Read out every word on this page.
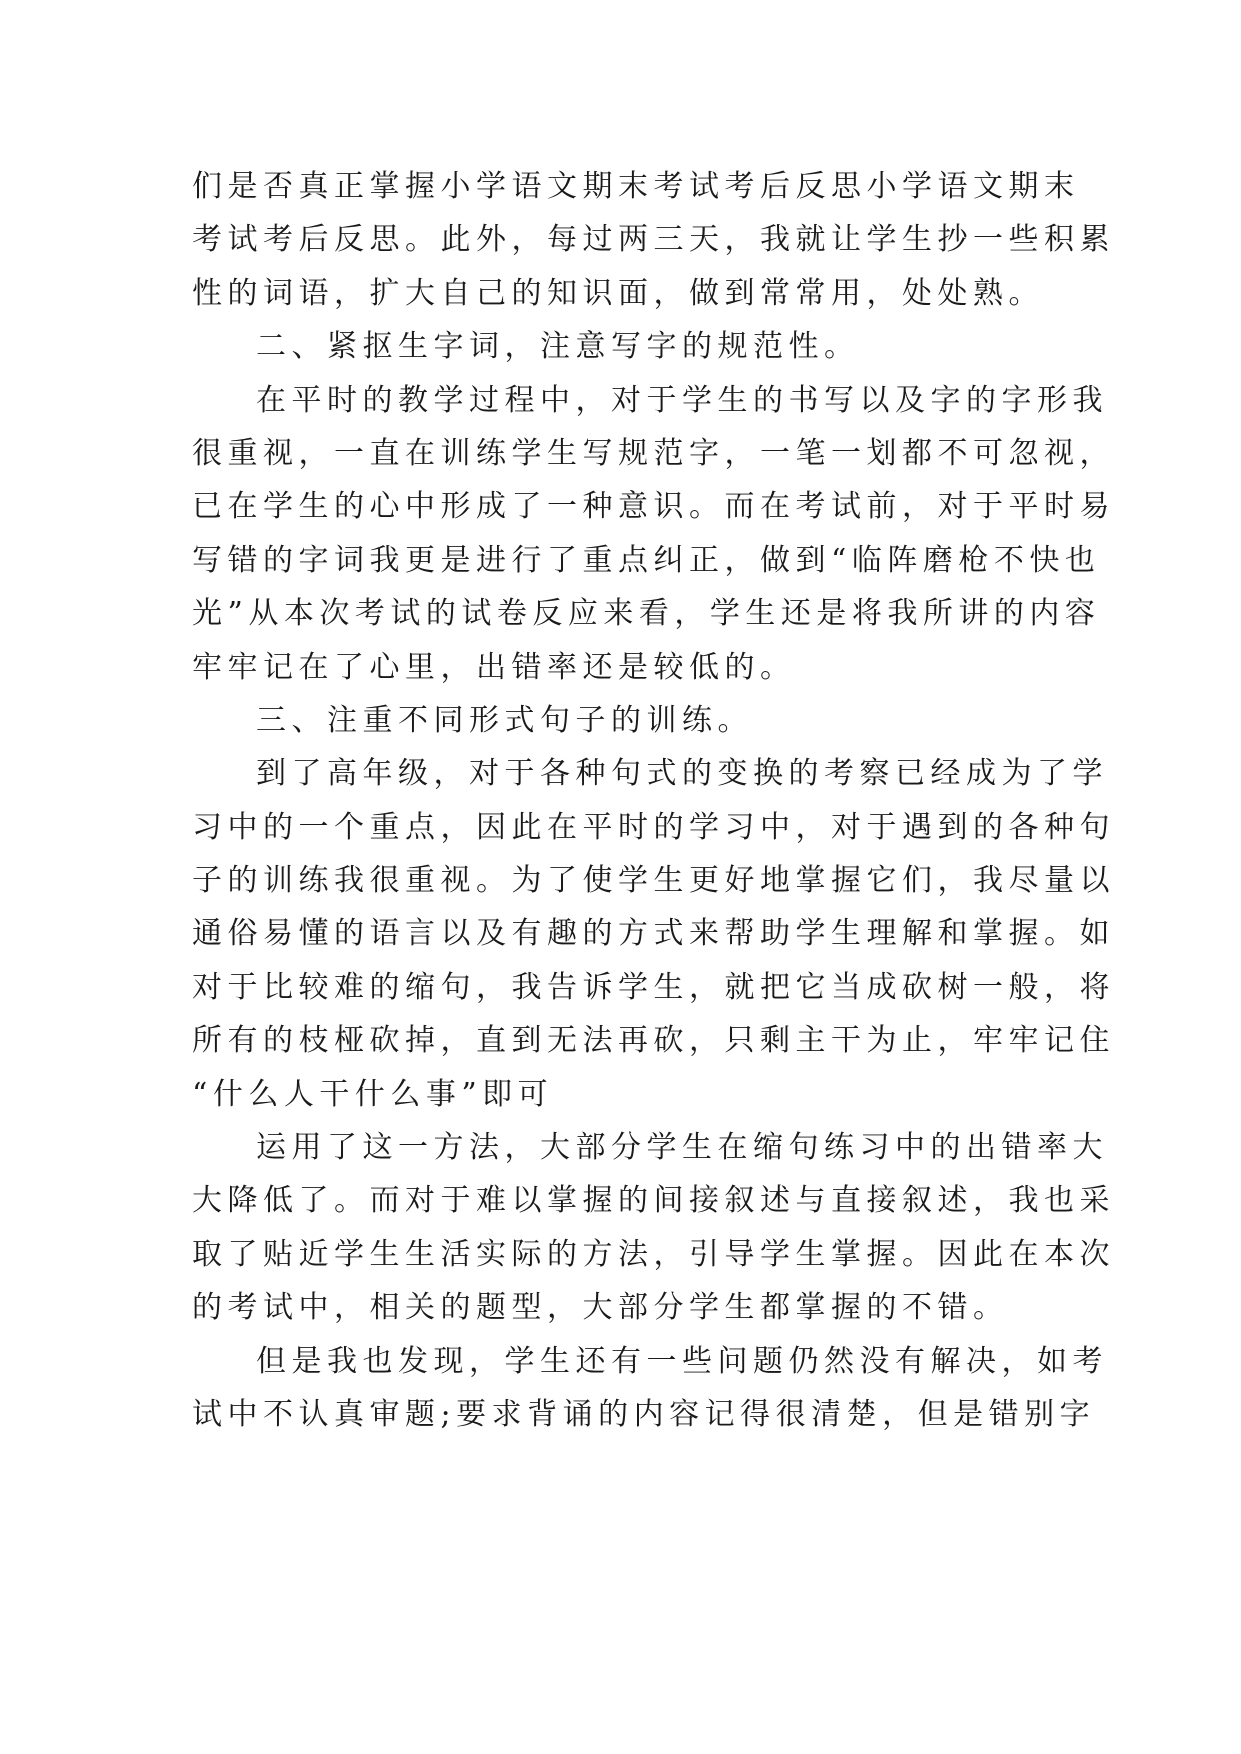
们是否真正掌握小学语文期末考试考后反思小学语文期末
考试考后反思。此外，每过两三天，我就让学生抄一些积累
性的词语，扩大自己的知识面，做到常常用，处处熟。

二、紧抠生字词，注意写字的规范性。

在平时的教学过程中，对于学生的书写以及字的字形我
很重视，一直在训练学生写规范字，一笔一划都不可忽视，
已在学生的心中形成了一种意识。而在考试前，对于平时易
写错的字词我更是进行了重点纠正，做到“临阵磨枪不快也
光”从本次考试的试卷反应来看，学生还是将我所讲的内容
牢牢记在了心里，出错率还是较低的。

三、注重不同形式句子的训练。

到了高年级，对于各种句式的变换的考察已经成为了学
习中的一个重点，因此在平时的学习中，对于遇到的各种句
子的训练我很重视。为了使学生更好地掌握它们，我尽量以
通俗易懂的语言以及有趣的方式来帮助学生理解和掌握。如
对于比较难的缩句，我告诉学生，就把它当成砍树一般，将
所有的枝桠砍掉，直到无法再砍，只剩主干为止，牢牢记住
“什么人干什么事”即可

运用了这一方法，大部分学生在缩句练习中的出错率大
大降低了。而对于难以掌握的间接叙述与直接叙述，我也采
取了贴近学生生活实际的方法，引导学生掌握。因此在本次
的考试中，相关的题型，大部分学生都掌握的不错。

但是我也发现，学生还有一些问题仍然没有解决，如考
试中不认真审题;要求背诵的内容记得很清楚，但是错别字
